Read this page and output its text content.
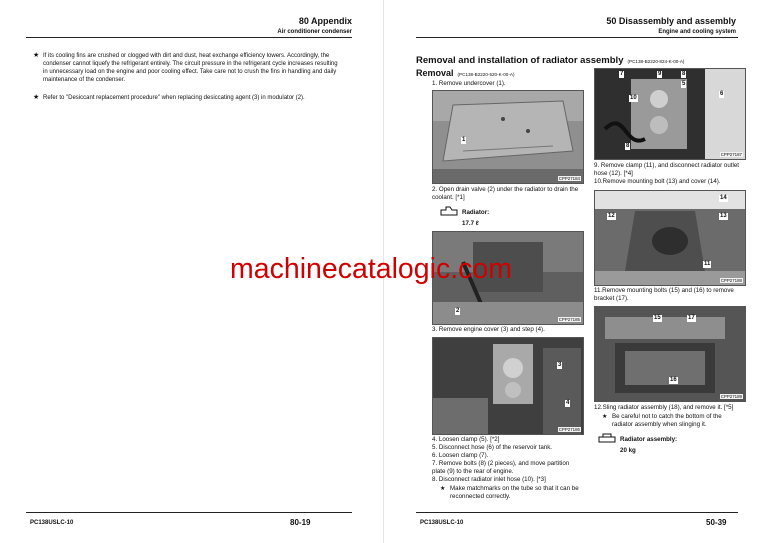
80 Appendix
Air conditioner condenser
★ If its cooling fins are crushed or clogged with dirt and dust, heat exchange efficiency lowers. Accordingly, the condenser cannot liquefy the refrigerant entirely. The circuit pressure in the refrigerant cycle increases resulting in unnecessary load on the engine and poor cooling effect. Take care not to crush the fins in handling and daily maintenance of the condenser.
★ Refer to "Desiccant replacement procedure" when replacing desiccating agent (3) in modulator (2).
PC138USLC-10	80-19
50 Disassembly and assembly
Engine and cooling system
Removal and installation of radiator assembly (PC138-B2220-824-K-00-A)
Removal (PC138-B2220-520-K-00-A)
1. Remove undercover (1).
1
CPP27184
2. Open drain valve (2) under the radiator to drain the coolant. [*1]
Radiator:
17.7 ℓ
2
CPP27185
3. Remove engine cover (3) and step (4).
3
4
CPP27186
4. Loosen clamp (5). [*2]
5. Disconnect hose (6) of the reservoir tank.
6. Loosen clamp (7).
7. Remove bolts (8) (2 pieces), and move partition plate (9) to the rear of engine.
8. Disconnect radiator inlet hose (10). [*3]
★ Make matchmarks on the tube so that it can be reconnected correctly.
7	9	8
5
6
10
8
CPP27187
9. Remove clamp (11), and disconnect radiator outlet hose (12). [*4]
10.Remove mounting bolt (13) and cover (14).
14
12	13
11
CPP27188
11.Remove mounting bolts (15) and (16) to remove bracket (17).
15	17
16
CPP27189
12.Sling radiator assembly (18), and remove it. [*5]
★ Be careful not to catch the bottom of the radiator assembly when slinging it.
Radiator assembly:
20 kg
PC138USLC-10	50-39
machinecatalogic.com
